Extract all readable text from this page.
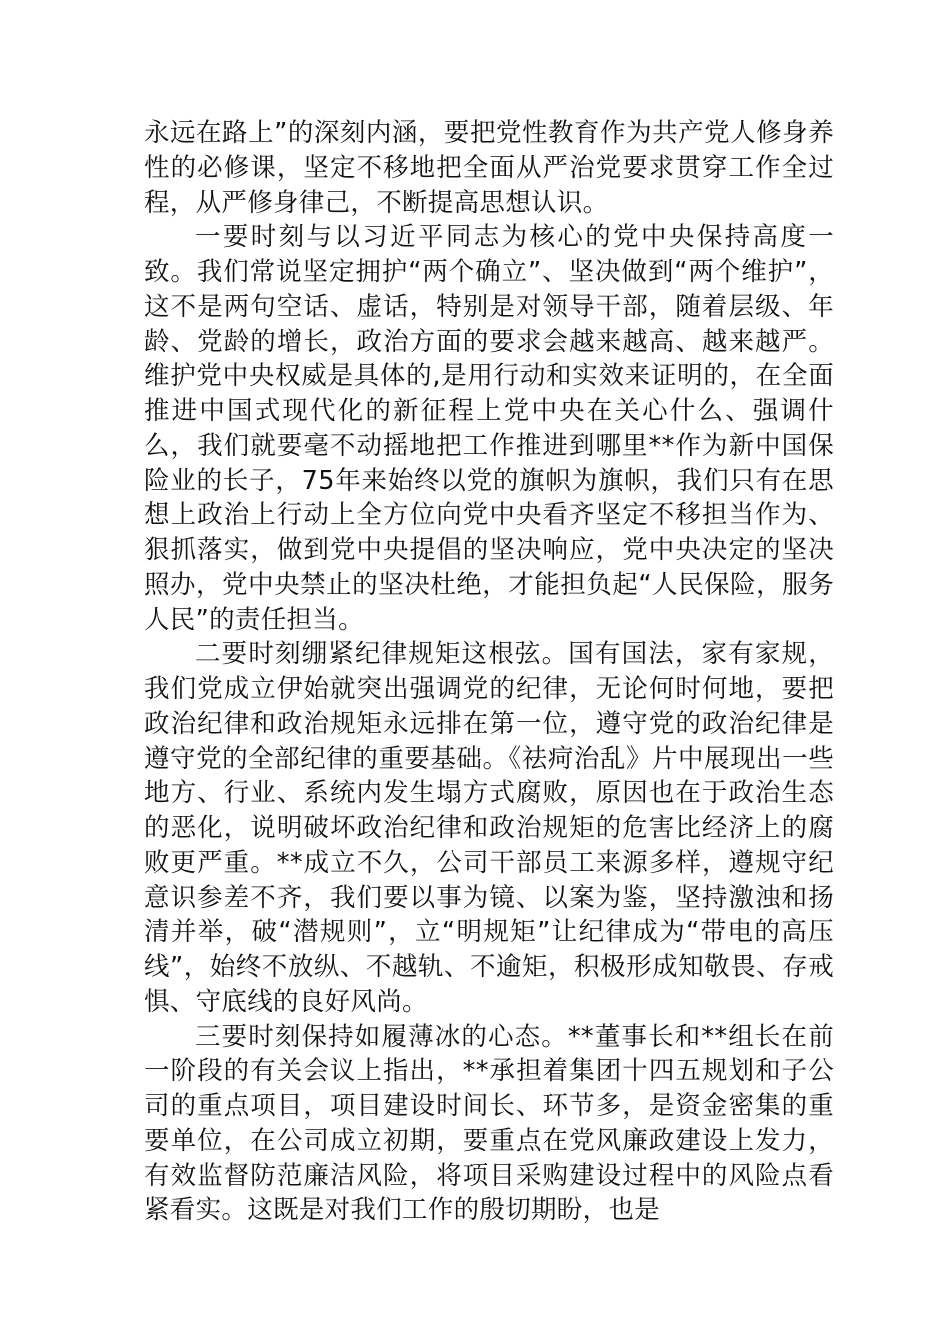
永远在路上”的深刻内涵，要把党性教育作为共产党人修身养性的必修课，坚定不移地把全面从严治党要求贯穿工作全过程，从严修身律己，不断提高思想认识。

一要时刻与以习近平同志为核心的党中央保持高度一致。我们常说坚定拥护“两个确立”、坚决做到“两个维护”，这不是两句空话、虚话，特别是对领导干部，随着层级、年龄、党龄的增长，政治方面的要求会越来越高、越来越严。维护党中央权威是具体的,是用行动和实效来证明的，在全面推进中国式现代化的新征程上党中央在关心什么、强调什么，我们就要毫不动摇地把工作推进到哪里**作为新中国保险业的长子，75年来始终以党的旗帜为旗帜，我们只有在思想上政治上行动上全方位向党中央看齐坚定不移担当作为、狠抓落实，做到党中央提倡的坚决响应，党中央决定的坚决照办，党中央禁止的坚决杜绝，才能担负起“人民保险，服务人民”的责任担当。

二要时刻绷紧纪律规矩这根弦。国有国法，家有家规，我们党成立伊始就突出强调党的纪律，无论何时何地，要把政治纪律和政治规矩永远排在第一位，遵守党的政治纪律是遵守党的全部纪律的重要基础。《祛疴治乱》片中展现出一些地方、行业、系统内发生塌方式腐败，原因也在于政治生态的恶化，说明破坏政治纪律和政治规矩的危害比经济上的腐败更严重。**成立不久，公司干部员工来源多样，遵规守纪意识参差不齐，我们要以事为镜、以案为鉴，坚持激浊和扬清并举，破“潜规则”，立“明规矩”让纪律成为“带电的高压线”，始终不放纵、不越轨、不逾矩，积极形成知敬畏、存戒惧、守底线的良好风尚。

三要时刻保持如履薄冰的心态。**董事长和**组长在前一阶段的有关会议上指出，**承担着集团十四五规划和子公司的重点项目，项目建设时间长、环节多，是资金密集的重要单位，在公司成立初期，要重点在党风廉政建设上发力，有效监督防范廉洁风险，将项目采购建设过程中的风险点看紧看实。这既是对我们工作的殷切期盼，也是
